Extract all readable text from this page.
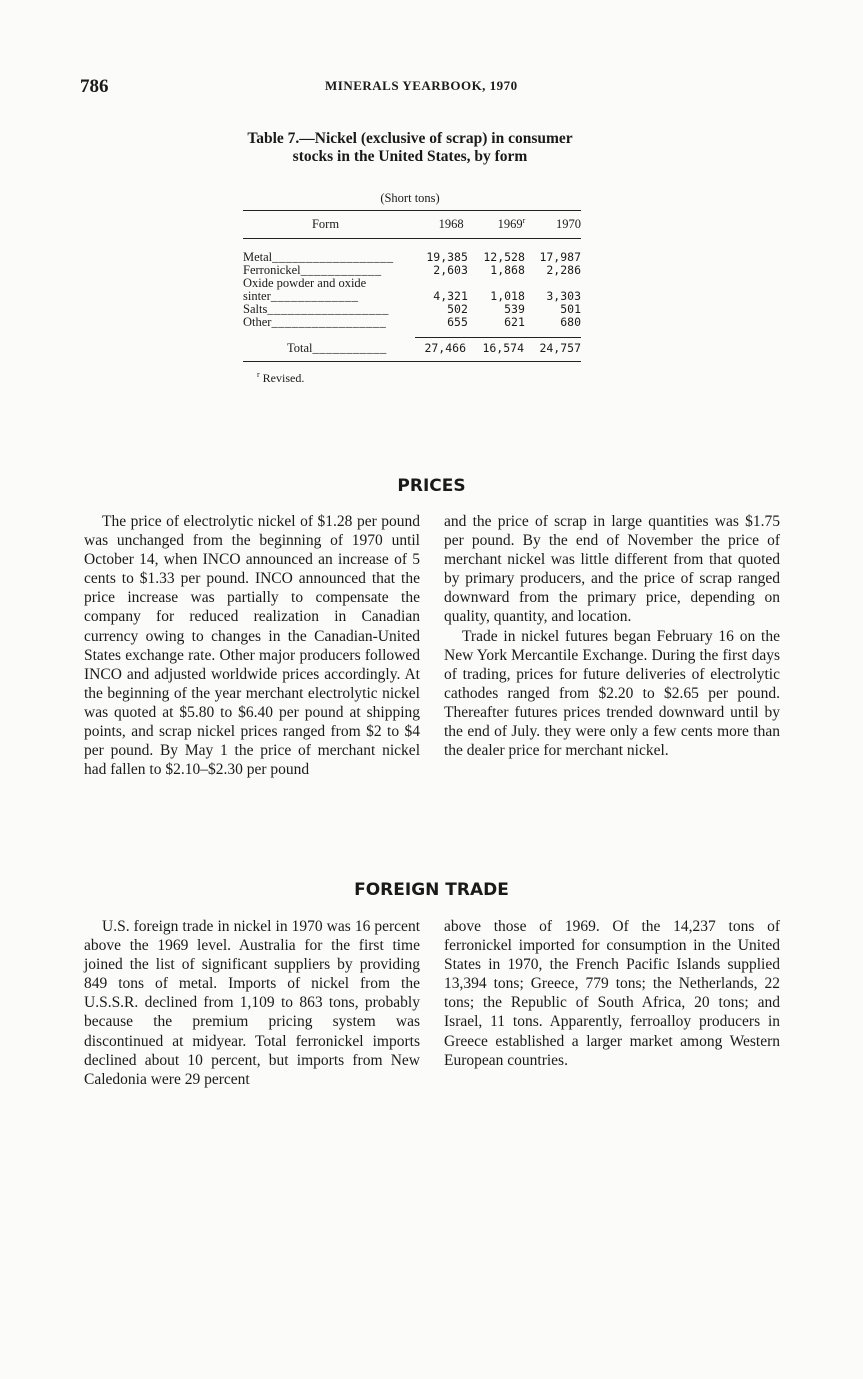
786	MINERALS YEARBOOK, 1970
Table 7.—Nickel (exclusive of scrap) in consumer stocks in the United States, by form
(Short tons)
Form	1968	1969$^r$	1970
Metal__________________	19,385	12,528	17,987
Ferronickel____________	2,603	1,868	2,286
Oxide powder and oxide sinter_____________	4,321	1,018	3,303
Salts__________________	502	539	501
Other_________________	655	621	680
Total___________	27,466	16,574	24,757
$^r$ Revised.
PRICES

The price of electrolytic nickel of $1.28 per pound was unchanged from the beginning of 1970 until October 14, when INCO announced an increase of 5 cents to $1.33 per pound. INCO announced that the price increase was partially to compensate the company for reduced realization in Canadian currency owing to changes in the Canadian-United States exchange rate. Other major producers followed INCO and adjusted worldwide prices accordingly. At the beginning of the year merchant electrolytic nickel was quoted at $5.80 to $6.40 per pound at shipping points, and scrap nickel prices ranged from $2 to $4 per pound. By May 1 the price of merchant nickel had fallen to $2.10–$2.30 per pound

and the price of scrap in large quantities was $1.75 per pound. By the end of November the price of merchant nickel was little different from that quoted by primary producers, and the price of scrap ranged downward from the primary price, depending on quality, quantity, and location.

Trade in nickel futures began February 16 on the New York Mercantile Exchange. During the first days of trading, prices for future deliveries of electrolytic cathodes ranged from $2.20 to $2.65 per pound. Thereafter futures prices trended downward until by the end of July. they were only a few cents more than the dealer price for merchant nickel.

FOREIGN TRADE

U.S. foreign trade in nickel in 1970 was 16 percent above the 1969 level. Australia for the first time joined the list of significant suppliers by providing 849 tons of metal. Imports of nickel from the U.S.S.R. declined from 1,109 to 863 tons, probably because the premium pricing system was discontinued at midyear. Total ferronickel imports declined about 10 percent, but imports from New Caledonia were 29 percent

above those of 1969. Of the 14,237 tons of ferronickel imported for consumption in the United States in 1970, the French Pacific Islands supplied 13,394 tons; Greece, 779 tons; the Netherlands, 22 tons; the Republic of South Africa, 20 tons; and Israel, 11 tons. Apparently, ferroalloy producers in Greece established a larger market among Western European countries.
